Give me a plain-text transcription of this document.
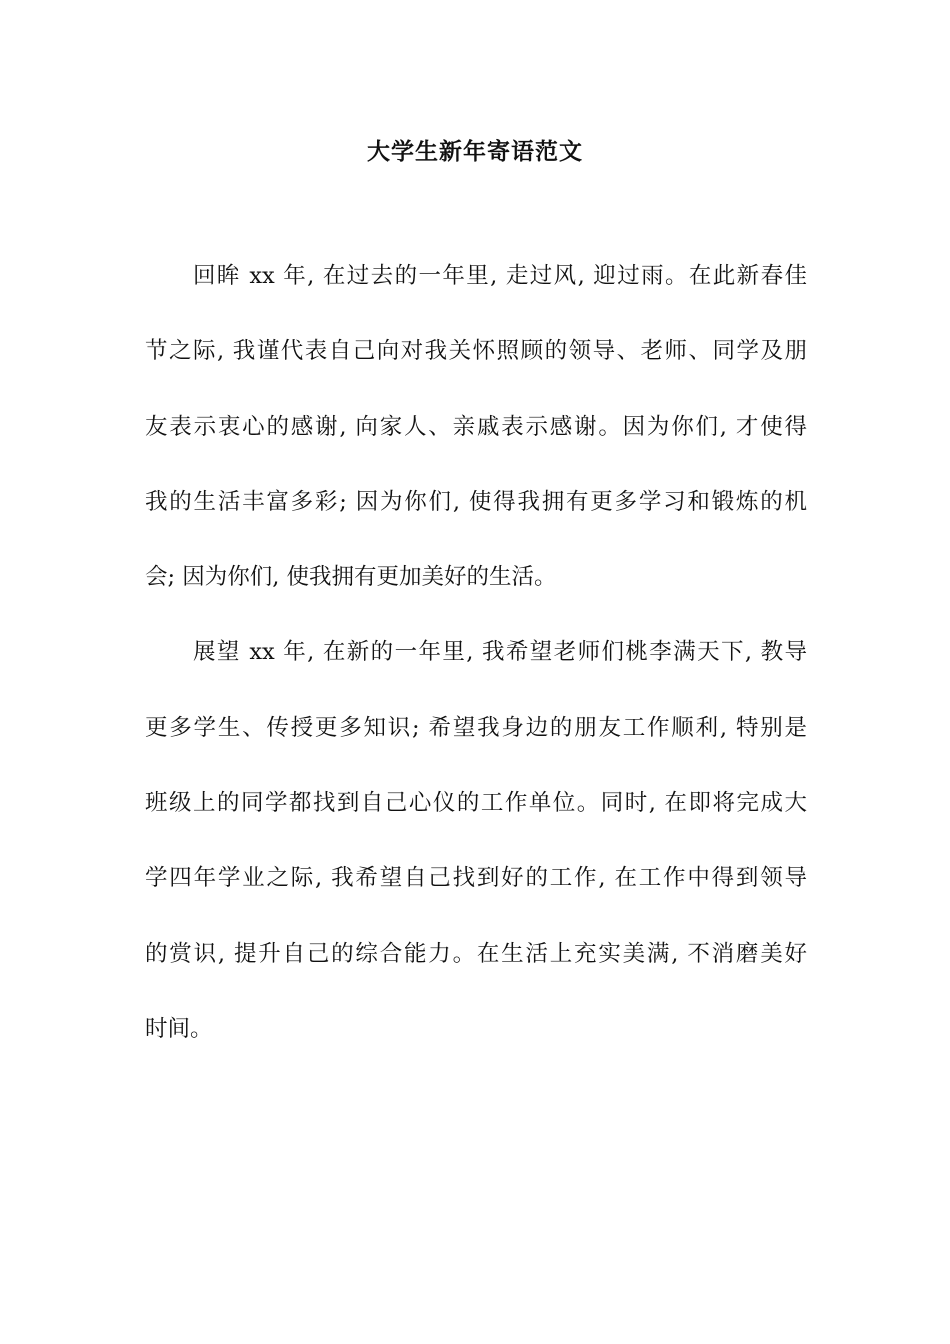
大学生新年寄语范文
回眸 xx 年, 在过去的一年里, 走过风, 迎过雨。在此新春佳
节之际, 我谨代表自己向对我关怀照顾的领导、老师、同学及朋
友表示衷心的感谢, 向家人、亲戚表示感谢。因为你们, 才使得
我的生活丰富多彩; 因为你们, 使得我拥有更多学习和锻炼的机
会; 因为你们, 使我拥有更加美好的生活。
展望 xx 年, 在新的一年里, 我希望老师们桃李满天下, 教导
更多学生、传授更多知识; 希望我身边的朋友工作顺利, 特别是
班级上的同学都找到自己心仪的工作单位。同时, 在即将完成大
学四年学业之际, 我希望自己找到好的工作, 在工作中得到领导
的赏识, 提升自己的综合能力。在生活上充实美满, 不消磨美好
时间。
